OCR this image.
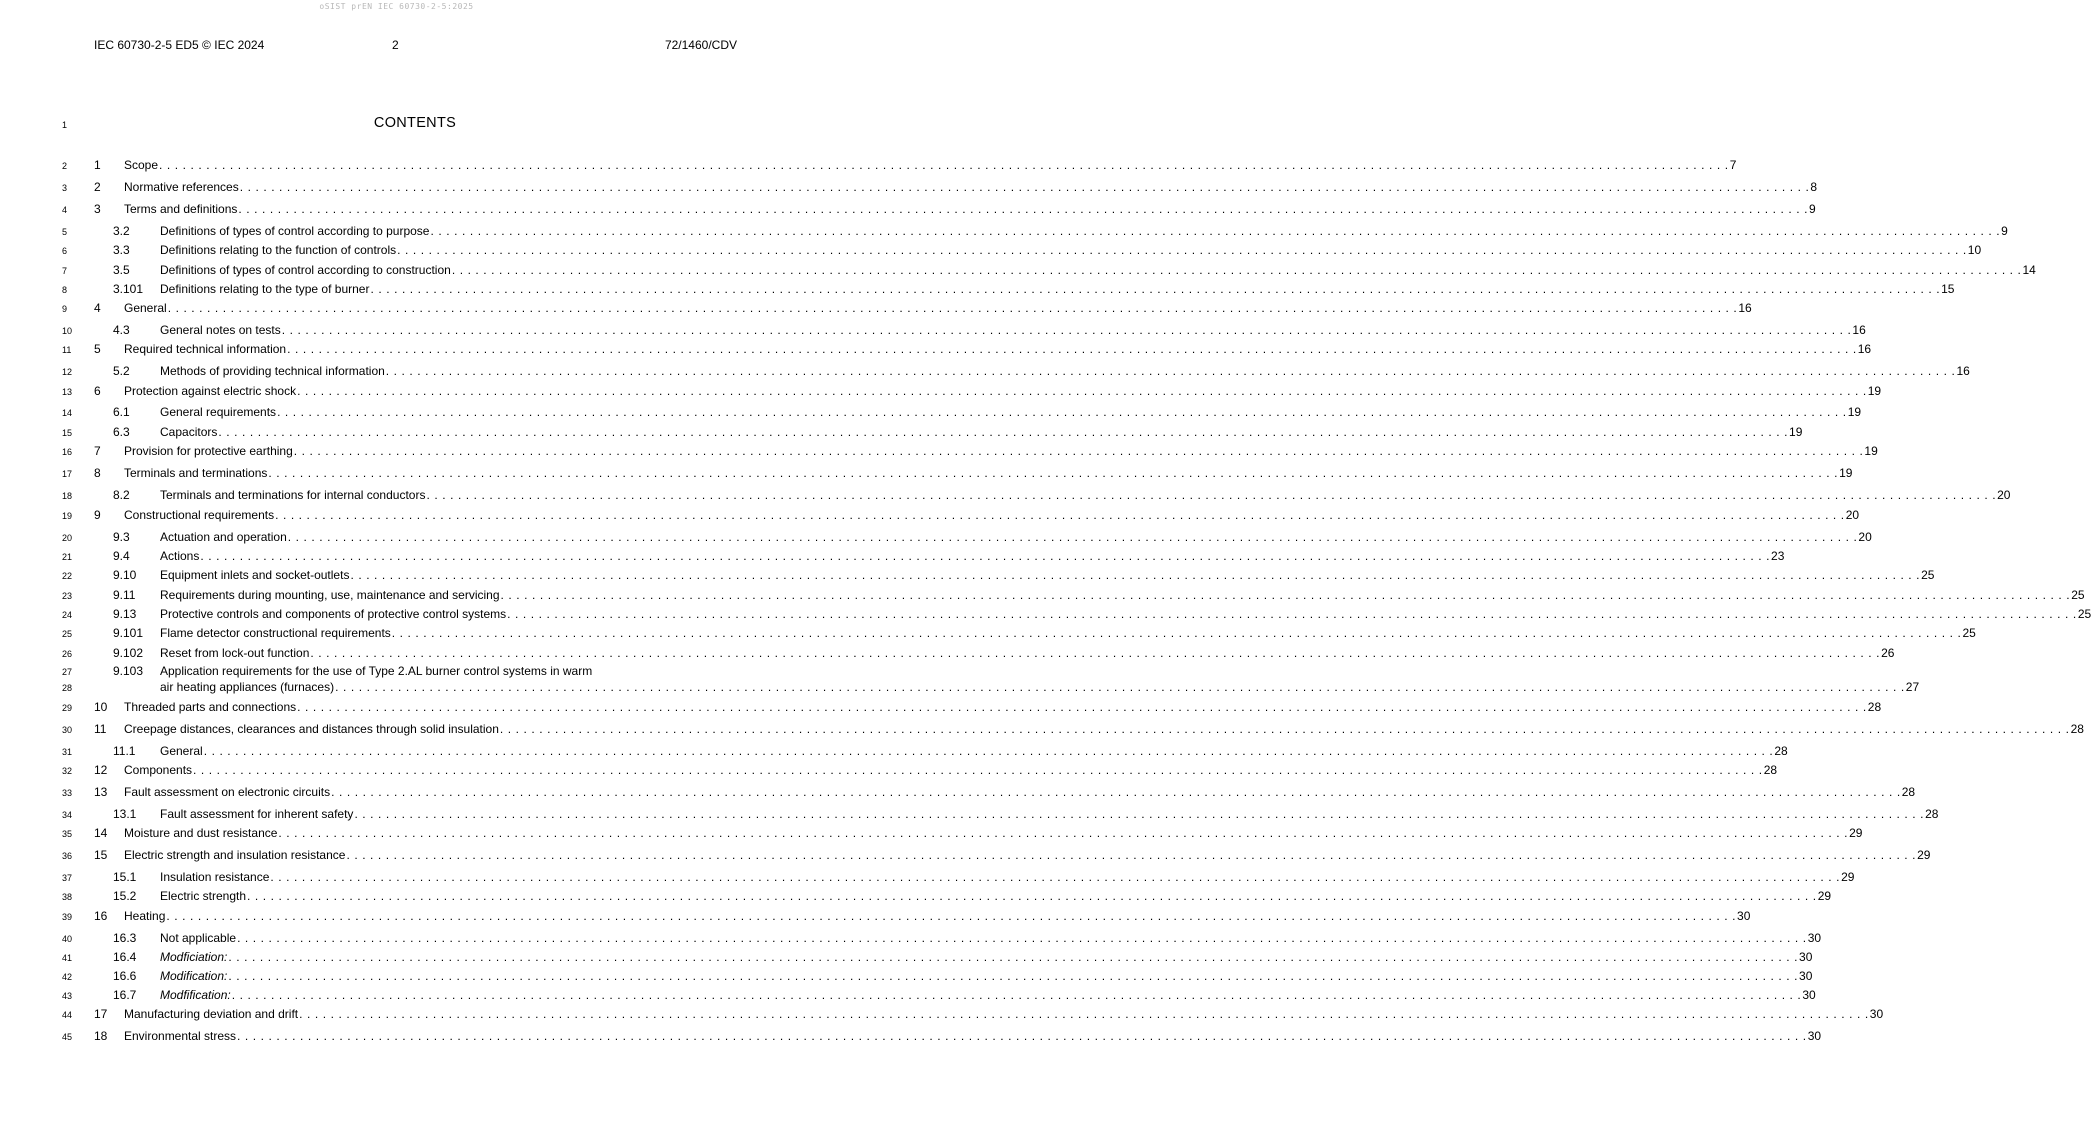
oSIST prEN IEC 60730-2-5:2025
IEC 60730-2-5 ED5 © IEC 2024	2	72/1460/CDV
1	CONTENTS
2 1 Scope . . . . . . . . . . . . . . . . . . . . . . . . . . . . . . . . . . . . . . . . . . . . . . . . . . . . . . . . . . . . . . . . . . . . . . . . . . . . . . . . . . . . . . . . . . . . . . . . . . . . . . . . . . . . . . . . . . . . . . . . . . . . . . . . . . . . . . . . . . . . . . . . . . . . . . . . . . . . . . . . . . . . . . . . . . . . . . . . . . . . . . . . . . . . . . . . . . . . . . . . 7
3 2 Normative references . . . . . . . . . . . . . . . . . . . . . . . . . . . . . . . . . . . . . . . . . . . . . . . . . . . . . . . . . . . . . . . . . . . . . . . . . . . . . . . . . . . . . . . . . . . . . . . . . . . . . . . . . . . . . . . . . . . . . . . . . . . . . . . . . . . . . . . . . . . . . . . . . . . . . . . . . . . . . . . . . . . . . . . . . . . . . . . . . . . . . . . . . . . . . . . . . . . . . . . . 8
4 3 Terms and definitions . . . . . . . . . . . . . . . . . . . . . . . . . . . . . . . . . . . . . . . . . . . . . . . . . . . . . . . . . . . . . . . . . . . . . . . . . . . . . . . . . . . . . . . . . . . . . . . . . . . . . . . . . . . . . . . . . . . . . . . . . . . . . . . . . . . . . . . . . . . . . . . . . . . . . . . . . . . . . . . . . . . . . . . . . . . . . . . . . . . . . . . . . . . . . . . . . . . . . . . . 9
5	3.2	Definitions of types of control according to purpose . . . . . . . . . . . . . . . . . . . . . . . . . . . . . . . . . . . . . . . . . . . . . . . . . . . . . . . . . . . . . . . . . . . . . . . . . . . . . . . . . . . . . . . . . . . . . . . . . . . . . . . . . . . . . . . . . . . . . . . . . . . . . . . . . . . . . . . . . . . . . . . . . . . . . . . . . . . . . . . . . . . . . . . . . . . . . . . . . . . . . . . . . . . . . . . . . . . . . . . . 9
6	3.3	Definitions relating to the function of controls . . . . . . . . . . . . . . . . . . . . . . . . . . . . . . . . . . . . . . . . . . . . . . . . . . . . . . . . . . . . . . . . . . . . . . . . . . . . . . . . . . . . . . . . . . . . . . . . . . . . . . . . . . . . . . . . . . . . . . . . . . . . . . . . . . . . . . . . . . . . . . . . . . . . . . . . . . . . . . . . . . . . . . . . . . . . . . . . . . . . . . . . . . . . . . . . . . . . . . . . 10
7	3.5	Definitions of types of control according to construction . . . . . . . . . . . . . . . . . . . . . . . . . . . . . . . . . . . . . . . . . . . . . . . . . . . . . . . . . . . . . . . . . . . . . . . . . . . . . . . . . . . . . . . . . . . . . . . . . . . . . . . . . . . . . . . . . . . . . . . . . . . . . . . . . . . . . . . . . . . . . . . . . . . . . . . . . . . . . . . . . . . . . . . . . . . . . . . . . . . . . . . . . . . . . . . . . . . . . . . . 14
8	3.101 Definitions relating to the type of burner . . . . . . . . . . . . . . . . . . . . . . . . . . . . . . . . . . . . . . . . . . . . . . . . . . . . . . . . . . . . . . . . . . . . . . . . . . . . . . . . . . . . . . . . . . . . . . . . . . . . . . . . . . . . . . . . . . . . . . . . . . . . . . . . . . . . . . . . . . . . . . . . . . . . . . . . . . . . . . . . . . . . . . . . . . . . . . . . . . . . . . . . . . . . . . . . . . . . . . . . 15
9 4 General . . . . . . . . . . . . . . . . . . . . . . . . . . . . . . . . . . . . . . . . . . . . . . . . . . . . . . . . . . . . . . . . . . . . . . . . . . . . . . . . . . . . . . . . . . . . . . . . . . . . . . . . . . . . . . . . . . . . . . . . . . . . . . . . . . . . . . . . . . . . . . . . . . . . . . . . . . . . . . . . . . . . . . . . . . . . . . . . . . . . . . . . . . . . . . . . . . . . . . . . 16
10	4.3	General notes on tests . . . . . . . . . . . . . . . . . . . . . . . . . . . . . . . . . . . . . . . . . . . . . . . . . . . . . . . . . . . . . . . . . . . . . . . . . . . . . . . . . . . . . . . . . . . . . . . . . . . . . . . . . . . . . . . . . . . . . . . . . . . . . . . . . . . . . . . . . . . . . . . . . . . . . . . . . . . . . . . . . . . . . . . . . . . . . . . . . . . . . . . . . . . . . . . . . . . . . . . . 16
11 5 Required technical information . . . . . . . . . . . . . . . . . . . . . . . . . . . . . . . . . . . . . . . . . . . . . . . . . . . . . . . . . . . . . . . . . . . . . . . . . . . . . . . . . . . . . . . . . . . . . . . . . . . . . . . . . . . . . . . . . . . . . . . . . . . . . . . . . . . . . . . . . . . . . . . . . . . . . . . . . . . . . . . . . . . . . . . . . . . . . . . . . . . . . . . . . . . . . . . . . . . . . . . . 16
12	5.2	Methods of providing technical information . . . . . . . . . . . . . . . . . . . . . . . . . . . . . . . . . . . . . . . . . . . . . . . . . . . . . . . . . . . . . . . . . . . . . . . . . . . . . . . . . . . . . . . . . . . . . . . . . . . . . . . . . . . . . . . . . . . . . . . . . . . . . . . . . . . . . . . . . . . . . . . . . . . . . . . . . . . . . . . . . . . . . . . . . . . . . . . . . . . . . . . . . . . . . . . . . . . . . . . . 16
13 6 Protection against electric shock . . . . . . . . . . . . . . . . . . . . . . . . . . . . . . . . . . . . . . . . . . . . . . . . . . . . . . . . . . . . . . . . . . . . . . . . . . . . . . . . . . . . . . . . . . . . . . . . . . . . . . . . . . . . . . . . . . . . . . . . . . . . . . . . . . . . . . . . . . . . . . . . . . . . . . . . . . . . . . . . . . . . . . . . . . . . . . . . . . . . . . . . . . . . . . . . . . . . . . . . 19
14	6.1	General requirements . . . . . . . . . . . . . . . . . . . . . . . . . . . . . . . . . . . . . . . . . . . . . . . . . . . . . . . . . . . . . . . . . . . . . . . . . . . . . . . . . . . . . . . . . . . . . . . . . . . . . . . . . . . . . . . . . . . . . . . . . . . . . . . . . . . . . . . . . . . . . . . . . . . . . . . . . . . . . . . . . . . . . . . . . . . . . . . . . . . . . . . . . . . . . . . . . . . . . . . . 19
15	6.3	Capacitors . . . . . . . . . . . . . . . . . . . . . . . . . . . . . . . . . . . . . . . . . . . . . . . . . . . . . . . . . . . . . . . . . . . . . . . . . . . . . . . . . . . . . . . . . . . . . . . . . . . . . . . . . . . . . . . . . . . . . . . . . . . . . . . . . . . . . . . . . . . . . . . . . . . . . . . . . . . . . . . . . . . . . . . . . . . . . . . . . . . . . . . . . . . . . . . . . . . . . . . . 19
16 7 Provision for protective earthing . . . . . . . . . . . . . . . . . . . . . . . . . . . . . . . . . . . . . . . . . . . . . . . . . . . . . . . . . . . . . . . . . . . . . . . . . . . . . . . . . . . . . . . . . . . . . . . . . . . . . . . . . . . . . . . . . . . . . . . . . . . . . . . . . . . . . . . . . . . . . . . . . . . . . . . . . . . . . . . . . . . . . . . . . . . . . . . . . . . . . . . . . . . . . . . . . . . . . . . . 19
17 8 Terminals and terminations . . . . . . . . . . . . . . . . . . . . . . . . . . . . . . . . . . . . . . . . . . . . . . . . . . . . . . . . . . . . . . . . . . . . . . . . . . . . . . . . . . . . . . . . . . . . . . . . . . . . . . . . . . . . . . . . . . . . . . . . . . . . . . . . . . . . . . . . . . . . . . . . . . . . . . . . . . . . . . . . . . . . . . . . . . . . . . . . . . . . . . . . . . . . . . . . . . . . . . . . 19
18	8.2	Terminals and terminations for internal conductors . . . . . . . . . . . . . . . . . . . . . . . . . . . . . . . . . . . . . . . . . . . . . . . . . . . . . . . . . . . . . . . . . . . . . . . . . . . . . . . . . . . . . . . . . . . . . . . . . . . . . . . . . . . . . . . . . . . . . . . . . . . . . . . . . . . . . . . . . . . . . . . . . . . . . . . . . . . . . . . . . . . . . . . . . . . . . . . . . . . . . . . . . . . . . . . . . . . . . . . . 20
19 9 Constructional requirements . . . . . . . . . . . . . . . . . . . . . . . . . . . . . . . . . . . . . . . . . . . . . . . . . . . . . . . . . . . . . . . . . . . . . . . . . . . . . . . . . . . . . . . . . . . . . . . . . . . . . . . . . . . . . . . . . . . . . . . . . . . . . . . . . . . . . . . . . . . . . . . . . . . . . . . . . . . . . . . . . . . . . . . . . . . . . . . . . . . . . . . . . . . . . . . . . . . . . . . . 20
20	9.3	Actuation and operation . . . . . . . . . . . . . . . . . . . . . . . . . . . . . . . . . . . . . . . . . . . . . . . . . . . . . . . . . . . . . . . . . . . . . . . . . . . . . . . . . . . . . . . . . . . . . . . . . . . . . . . . . . . . . . . . . . . . . . . . . . . . . . . . . . . . . . . . . . . . . . . . . . . . . . . . . . . . . . . . . . . . . . . . . . . . . . . . . . . . . . . . . . . . . . . . . . . . . . . . 20
21	9.4	Actions . . . . . . . . . . . . . . . . . . . . . . . . . . . . . . . . . . . . . . . . . . . . . . . . . . . . . . . . . . . . . . . . . . . . . . . . . . . . . . . . . . . . . . . . . . . . . . . . . . . . . . . . . . . . . . . . . . . . . . . . . . . . . . . . . . . . . . . . . . . . . . . . . . . . . . . . . . . . . . . . . . . . . . . . . . . . . . . . . . . . . . . . . . . . . . . . . . . . . . . . 23
22	9.10 Equipment inlets and socket-outlets . . . . . . . . . . . . . . . . . . . . . . . . . . . . . . . . . . . . . . . . . . . . . . . . . . . . . . . . . . . . . . . . . . . . . . . . . . . . . . . . . . . . . . . . . . . . . . . . . . . . . . . . . . . . . . . . . . . . . . . . . . . . . . . . . . . . . . . . . . . . . . . . . . . . . . . . . . . . . . . . . . . . . . . . . . . . . . . . . . . . . . . . . . . . . . . . . . . . . . . . 25
23	9.11 Requirements during mounting, use, maintenance and servicing . . . . . . . . . . . . . . . . . . . . . . . . . . . . . . . . . . . . . . . . . . . . . . . . . . . . . . . . . . . . . . . . . . . . . . . . . . . . . . . . . . . . . . . . . . . . . . . . . . . . . . . . . . . . . . . . . . . . . . . . . . . . . . . . . . . . . . . . . . . . . . . . . . . . . . . . . . . . . . . . . . . . . . . . . . . . . . . . . . . . . . . . . . . . . . . . . . . . . . . . 25
24	9.13 Protective controls and components of protective control systems . . . . . . . . . . . . . . . . . . . . . . . . . . . . . . . . . . . . . . . . . . . . . . . . . . . . . . . . . . . . . . . . . . . . . . . . . . . . . . . . . . . . . . . . . . . . . . . . . . . . . . . . . . . . . . . . . . . . . . . . . . . . . . . . . . . . . . . . . . . . . . . . . . . . . . . . . . . . . . . . . . . . . . . . . . . . . . . . . . . . . . . . . . . . . . . . . . . . . . . . 25
25	9.101 Flame detector constructional requirements . . . . . . . . . . . . . . . . . . . . . . . . . . . . . . . . . . . . . . . . . . . . . . . . . . . . . . . . . . . . . . . . . . . . . . . . . . . . . . . . . . . . . . . . . . . . . . . . . . . . . . . . . . . . . . . . . . . . . . . . . . . . . . . . . . . . . . . . . . . . . . . . . . . . . . . . . . . . . . . . . . . . . . . . . . . . . . . . . . . . . . . . . . . . . . . . . . . . . . . . 25
26	9.102 Reset from lock-out function . . . . . . . . . . . . . . . . . . . . . . . . . . . . . . . . . . . . . . . . . . . . . . . . . . . . . . . . . . . . . . . . . . . . . . . . . . . . . . . . . . . . . . . . . . . . . . . . . . . . . . . . . . . . . . . . . . . . . . . . . . . . . . . . . . . . . . . . . . . . . . . . . . . . . . . . . . . . . . . . . . . . . . . . . . . . . . . . . . . . . . . . . . . . . . . . . . . . . . . . 26
27	9.103 Application requirements for the use of Type 2.AL burner control systems in warm
28	air heating appliances (furnaces) . . . . . . . . . . . . . . . . . . . . . . . . . . . . . . . . . . . . . . . . . . . . . . . . . . . . . . . . . . . . . . . . . . . . . . . . . . . . . . . . . . . . . . . . . . . . . . . . . . . . . . . . . . . . . . . . . . . . . . . . . . . . . . . . . . . . . . . . . . . . . . . . . . . . . . . . . . . . . . . . . . . . . . . . . . . . . . . . . . . . . . . . . . . . . . . . . . . . . . . . 27
29 10 Threaded parts and connections . . . . . . . . . . . . . . . . . . . . . . . . . . . . . . . . . . . . . . . . . . . . . . . . . . . . . . . . . . . . . . . . . . . . . . . . . . . . . . . . . . . . . . . . . . . . . . . . . . . . . . . . . . . . . . . . . . . . . . . . . . . . . . . . . . . . . . . . . . . . . . . . . . . . . . . . . . . . . . . . . . . . . . . . . . . . . . . . . . . . . . . . . . . . . . . . . . . . . . . . 28
30 11 Creepage distances, clearances and distances through solid insulation . . . . . . . . . . . . . . . . . . . . . . . . . . . . . . . . . . . . . . . . . . . . . . . . . . . . . . . . . . . . . . . . . . . . . . . . . . . . . . . . . . . . . . . . . . . . . . . . . . . . . . . . . . . . . . . . . . . . . . . . . . . . . . . . . . . . . . . . . . . . . . . . . . . . . . . . . . . . . . . . . . . . . . . . . . . . . . . . . . . . . . . . . . . . . . . . . . . . . . . . 28
31	11.1 General . . . . . . . . . . . . . . . . . . . . . . . . . . . . . . . . . . . . . . . . . . . . . . . . . . . . . . . . . . . . . . . . . . . . . . . . . . . . . . . . . . . . . . . . . . . . . . . . . . . . . . . . . . . . . . . . . . . . . . . . . . . . . . . . . . . . . . . . . . . . . . . . . . . . . . . . . . . . . . . . . . . . . . . . . . . . . . . . . . . . . . . . . . . . . . . . . . . . . . . . 28
32 12 Components . . . . . . . . . . . . . . . . . . . . . . . . . . . . . . . . . . . . . . . . . . . . . . . . . . . . . . . . . . . . . . . . . . . . . . . . . . . . . . . . . . . . . . . . . . . . . . . . . . . . . . . . . . . . . . . . . . . . . . . . . . . . . . . . . . . . . . . . . . . . . . . . . . . . . . . . . . . . . . . . . . . . . . . . . . . . . . . . . . . . . . . . . . . . . . . . . . . . . . . . 28
33 13 Fault assessment on electronic circuits . . . . . . . . . . . . . . . . . . . . . . . . . . . . . . . . . . . . . . . . . . . . . . . . . . . . . . . . . . . . . . . . . . . . . . . . . . . . . . . . . . . . . . . . . . . . . . . . . . . . . . . . . . . . . . . . . . . . . . . . . . . . . . . . . . . . . . . . . . . . . . . . . . . . . . . . . . . . . . . . . . . . . . . . . . . . . . . . . . . . . . . . . . . . . . . . . . . . . . . . 28
34	13.1 Fault assessment for inherent safety . . . . . . . . . . . . . . . . . . . . . . . . . . . . . . . . . . . . . . . . . . . . . . . . . . . . . . . . . . . . . . . . . . . . . . . . . . . . . . . . . . . . . . . . . . . . . . . . . . . . . . . . . . . . . . . . . . . . . . . . . . . . . . . . . . . . . . . . . . . . . . . . . . . . . . . . . . . . . . . . . . . . . . . . . . . . . . . . . . . . . . . . . . . . . . . . . . . . . . . . 28
35 14 Moisture and dust resistance . . . . . . . . . . . . . . . . . . . . . . . . . . . . . . . . . . . . . . . . . . . . . . . . . . . . . . . . . . . . . . . . . . . . . . . . . . . . . . . . . . . . . . . . . . . . . . . . . . . . . . . . . . . . . . . . . . . . . . . . . . . . . . . . . . . . . . . . . . . . . . . . . . . . . . . . . . . . . . . . . . . . . . . . . . . . . . . . . . . . . . . . . . . . . . . . . . . . . . . . 29
36 15 Electric strength and insulation resistance . . . . . . . . . . . . . . . . . . . . . . . . . . . . . . . . . . . . . . . . . . . . . . . . . . . . . . . . . . . . . . . . . . . . . . . . . . . . . . . . . . . . . . . . . . . . . . . . . . . . . . . . . . . . . . . . . . . . . . . . . . . . . . . . . . . . . . . . . . . . . . . . . . . . . . . . . . . . . . . . . . . . . . . . . . . . . . . . . . . . . . . . . . . . . . . . . . . . . . . . 29
37	15.1 Insulation resistance . . . . . . . . . . . . . . . . . . . . . . . . . . . . . . . . . . . . . . . . . . . . . . . . . . . . . . . . . . . . . . . . . . . . . . . . . . . . . . . . . . . . . . . . . . . . . . . . . . . . . . . . . . . . . . . . . . . . . . . . . . . . . . . . . . . . . . . . . . . . . . . . . . . . . . . . . . . . . . . . . . . . . . . . . . . . . . . . . . . . . . . . . . . . . . . . . . . . . . . . 29
38	15.2 Electric strength . . . . . . . . . . . . . . . . . . . . . . . . . . . . . . . . . . . . . . . . . . . . . . . . . . . . . . . . . . . . . . . . . . . . . . . . . . . . . . . . . . . . . . . . . . . . . . . . . . . . . . . . . . . . . . . . . . . . . . . . . . . . . . . . . . . . . . . . . . . . . . . . . . . . . . . . . . . . . . . . . . . . . . . . . . . . . . . . . . . . . . . . . . . . . . . . . . . . . . . . 29
39 16 Heating . . . . . . . . . . . . . . . . . . . . . . . . . . . . . . . . . . . . . . . . . . . . . . . . . . . . . . . . . . . . . . . . . . . . . . . . . . . . . . . . . . . . . . . . . . . . . . . . . . . . . . . . . . . . . . . . . . . . . . . . . . . . . . . . . . . . . . . . . . . . . . . . . . . . . . . . . . . . . . . . . . . . . . . . . . . . . . . . . . . . . . . . . . . . . . . . . . . . . . . . 30
40	16.3 Not applicable . . . . . . . . . . . . . . . . . . . . . . . . . . . . . . . . . . . . . . . . . . . . . . . . . . . . . . . . . . . . . . . . . . . . . . . . . . . . . . . . . . . . . . . . . . . . . . . . . . . . . . . . . . . . . . . . . . . . . . . . . . . . . . . . . . . . . . . . . . . . . . . . . . . . . . . . . . . . . . . . . . . . . . . . . . . . . . . . . . . . . . . . . . . . . . . . . . . . . . . . 30
41	16.4 Modficiation: . . . . . . . . . . . . . . . . . . . . . . . . . . . . . . . . . . . . . . . . . . . . . . . . . . . . . . . . . . . . . . . . . . . . . . . . . . . . . . . . . . . . . . . . . . . . . . . . . . . . . . . . . . . . . . . . . . . . . . . . . . . . . . . . . . . . . . . . . . . . . . . . . . . . . . . . . . . . . . . . . . . . . . . . . . . . . . . . . . . . . . . . . . . . . . . . . . . . . . . . 30
42	16.6 Modification: . . . . . . . . . . . . . . . . . . . . . . . . . . . . . . . . . . . . . . . . . . . . . . . . . . . . . . . . . . . . . . . . . . . . . . . . . . . . . . . . . . . . . . . . . . . . . . . . . . . . . . . . . . . . . . . . . . . . . . . . . . . . . . . . . . . . . . . . . . . . . . . . . . . . . . . . . . . . . . . . . . . . . . . . . . . . . . . . . . . . . . . . . . . . . . . . . . . . . . . . 30
43	16.7 Modfification: . . . . . . . . . . . . . . . . . . . . . . . . . . . . . . . . . . . . . . . . . . . . . . . . . . . . . . . . . . . . . . . . . . . . . . . . . . . . . . . . . . . . . . . . . . . . . . . . . . . . . . . . . . . . . . . . . . . . . . . . . . . . . . . . . . . . . . . . . . . . . . . . . . . . . . . . . . . . . . . . . . . . . . . . . . . . . . . . . . . . . . . . . . . . . . . . . . . . . . . . 30
44 17 Manufacturing deviation and drift . . . . . . . . . . . . . . . . . . . . . . . . . . . . . . . . . . . . . . . . . . . . . . . . . . . . . . . . . . . . . . . . . . . . . . . . . . . . . . . . . . . . . . . . . . . . . . . . . . . . . . . . . . . . . . . . . . . . . . . . . . . . . . . . . . . . . . . . . . . . . . . . . . . . . . . . . . . . . . . . . . . . . . . . . . . . . . . . . . . . . . . . . . . . . . . . . . . . . . . . 30
45 18 Environmental stress . . . . . . . . . . . . . . . . . . . . . . . . . . . . . . . . . . . . . . . . . . . . . . . . . . . . . . . . . . . . . . . . . . . . . . . . . . . . . . . . . . . . . . . . . . . . . . . . . . . . . . . . . . . . . . . . . . . . . . . . . . . . . . . . . . . . . . . . . . . . . . . . . . . . . . . . . . . . . . . . . . . . . . . . . . . . . . . . . . . . . . . . . . . . . . . . . . . . . . . . 30
